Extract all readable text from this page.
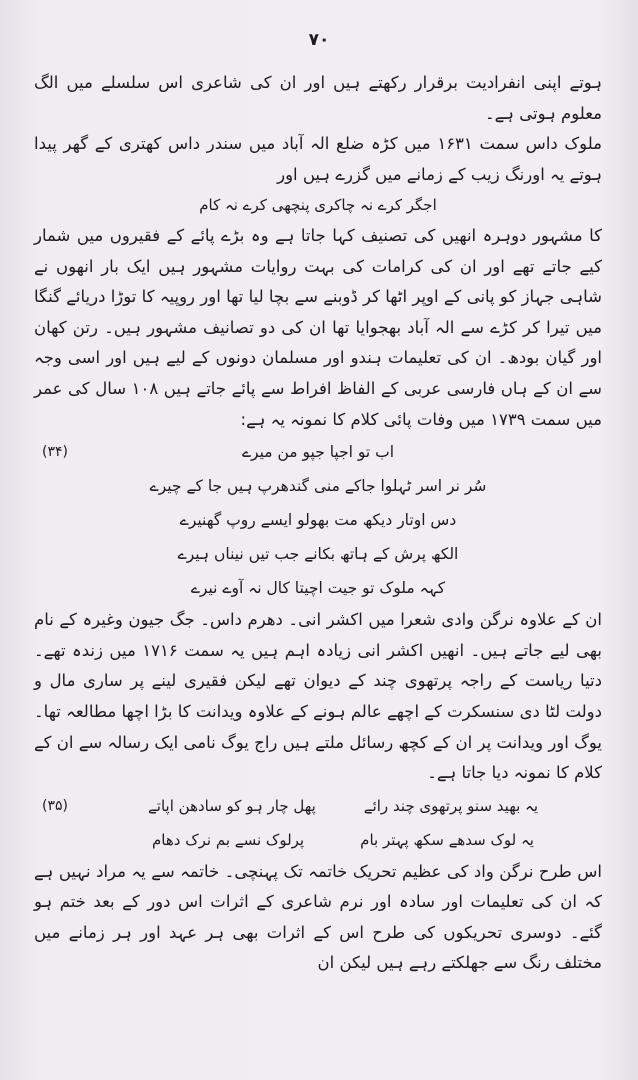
۷۰

ہوتے اپنی انفرادیت برقرار رکھتے ہیں اور ان کی شاعری اس سلسلے میں الگ معلوم ہوتی ہے۔

ملوک داس سمت ۱۶۳۱ میں کڑہ ضلع الہ آباد میں سندر داس کھتری کے گھر پیدا ہوتے یہ اورنگ زیب کے زمانے میں گزرے ہیں اور

اجگر کرے نہ چاکری پنچھی کرے نہ کام

کا مشہور دوہرہ انھیں کی تصنیف کہا جاتا ہے وہ بڑے پائے کے فقیروں میں شمار کیے جاتے تھے اور ان کی کرامات کی بہت روایات مشہور ہیں ایک بار انھوں نے شاہی جہاز کو پانی کے اوپر اٹھا کر ڈوبنے سے بچا لیا تھا اور روپیہ کا توڑا دریائے گنگا میں تیرا کر کڑے سے الہ آباد بھجوایا تھا ان کی دو تصانیف مشہور ہیں۔ رتن کھان اور گیان بودھ۔ ان کی تعلیمات ہندو اور مسلمان دونوں کے لیے ہیں اور اسی وجہ سے ان کے ہاں فارسی عربی کے الفاظ افراط سے پائے جاتے ہیں ۱۰۸ سال کی عمر میں سمت ۱۷۳۹ میں وفات پائی کلام کا نمونہ یہ ہے:

(۳۴)	اب تو اجپا جپو من میرے
سُر نر اسر ٹہلوا جاکے منی گندھرپ ہیں جا کے چیرے
دس اوتار دیکھ مت بھولو ایسے روپ گھنیرے
الکھ پرش کے ہاتھ بکانے جب تیں نیناں ہیرے
کہہ ملوک تو جیت اچیتا کال نہ آوے نیرے

ان کے علاوہ نرگن وادی شعرا میں اکشر انی۔ دھرم داس۔ جگ جیون وغیرہ کے نام بھی لیے جاتے ہیں۔ انھیں اکشر انی زیادہ اہم ہیں یہ سمت ۱۷۱۶ میں زندہ تھے۔ دتیا ریاست کے راجہ پرتھوی چند کے دیوان تھے لیکن فقیری لینے پر ساری مال و دولت لٹا دی سنسکرت کے اچھے عالم ہونے کے علاوہ ویدانت کا بڑا اچھا مطالعہ تھا۔ یوگ اور ویدانت پر ان کے کچھ رسائل ملتے ہیں راج یوگ نامی ایک رسالہ سے ان کے کلام کا نمونہ دیا جاتا ہے۔

(۳۵)	یہ بھید سنو پرتھوی چند رائے
پھل چار ہو کو سادھن اپاتے
یہ لوک سدھے سکھ پہتر بام
پرلوک نسے بم نرک دھام

اس طرح نرگن واد کی عظیم تحریک خاتمہ تک پہنچی۔ خاتمہ سے یہ مراد نہیں ہے کہ ان کی تعلیمات اور سادہ اور نرم شاعری کے اثرات اس دور کے بعد ختم ہو گئے۔ دوسری تحریکوں کی طرح اس کے اثرات بھی ہر عہد اور ہر زمانے میں مختلف رنگ سے جھلکتے رہے ہیں لیکن ان
